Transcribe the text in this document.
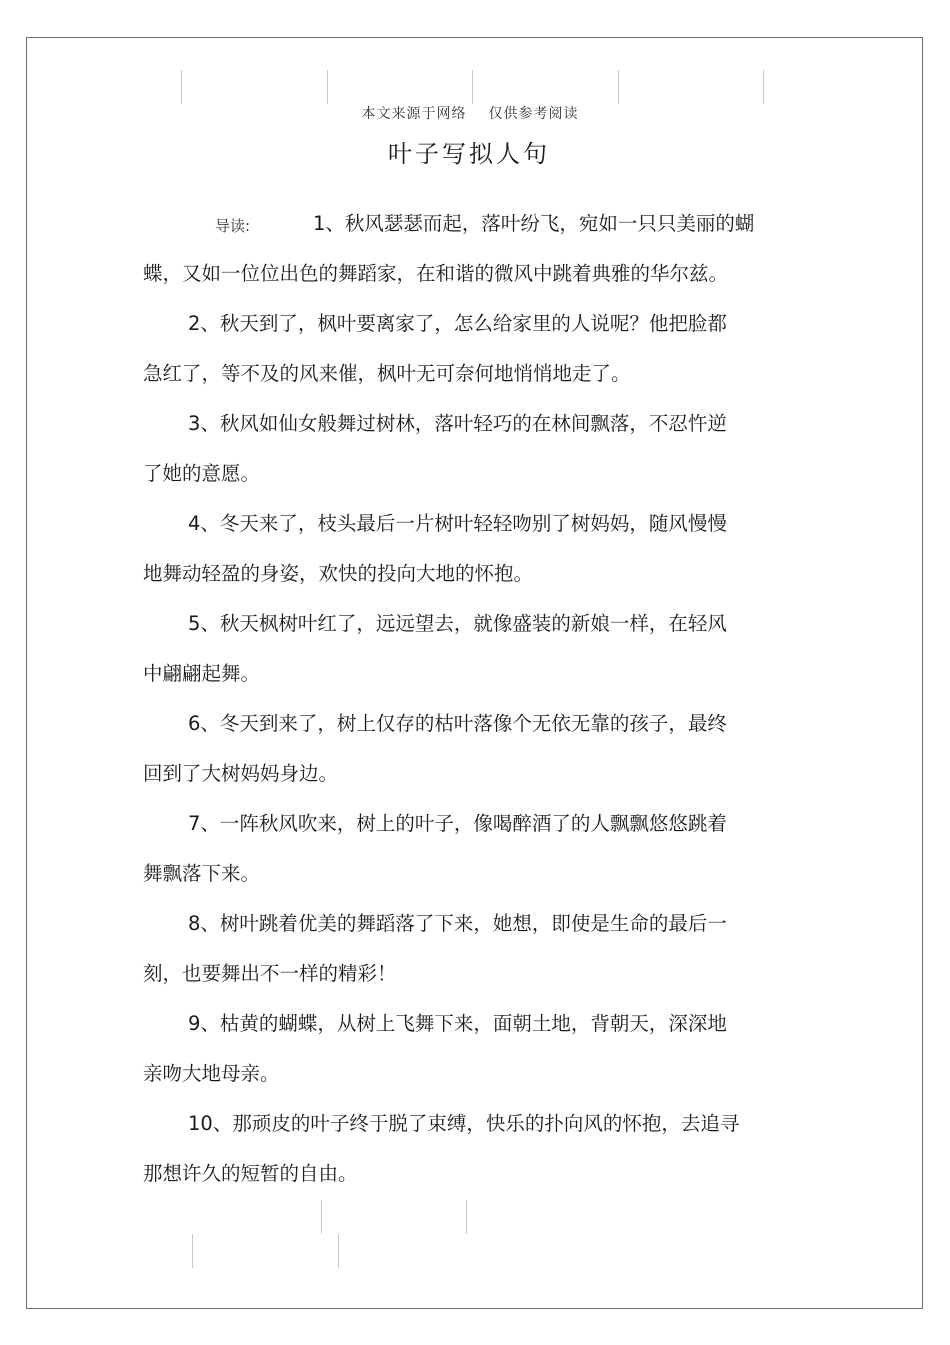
本文来源于网络 仅供参考阅读
叶子写拟人句
导读:	1、秋风瑟瑟而起，落叶纷飞，宛如一只只美丽的蝴
蝶，又如一位位出色的舞蹈家，在和谐的微风中跳着典雅的华尔兹。
2、秋天到了，枫叶要离家了，怎么给家里的人说呢？他把脸都
急红了，等不及的风来催，枫叶无可奈何地悄悄地走了。
3、秋风如仙女般舞过树林，落叶轻巧的在林间飘落，不忍忤逆
了她的意愿。
4、冬天来了，枝头最后一片树叶轻轻吻别了树妈妈，随风慢慢
地舞动轻盈的身姿，欢快的投向大地的怀抱。
5、秋天枫树叶红了，远远望去，就像盛装的新娘一样，在轻风
中翩翩起舞。
6、冬天到来了，树上仅存的枯叶落像个无依无靠的孩子，最终
回到了大树妈妈身边。
7、一阵秋风吹来，树上的叶子，像喝醉酒了的人飘飘悠悠跳着
舞飘落下来。
8、树叶跳着优美的舞蹈落了下来，她想，即使是生命的最后一
刻，也要舞出不一样的精彩！
9、枯黄的蝴蝶，从树上飞舞下来，面朝土地，背朝天，深深地
亲吻大地母亲。
10、那顽皮的叶子终于脱了束缚，快乐的扑向风的怀抱，去追寻
那想许久的短暂的自由。
